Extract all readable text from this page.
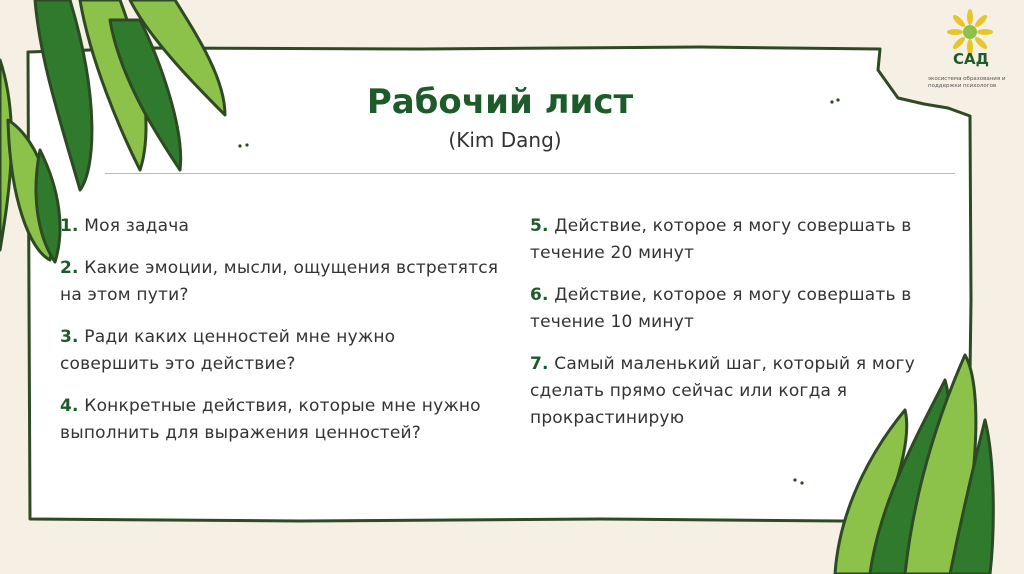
САД
экосистема образования и поддержки психологов
Рабочий лист

(Kim Dang)

1. Моя задача

2. Какие эмоции, мысли, ощущения встретятся на этом пути?

3. Ради каких ценностей мне нужно совершить это действие?

4. Конкретные действия, которые мне нужно выполнить для выражения ценностей?

5. Действие, которое я могу совершать в течение 20 минут

6. Действие, которое я могу совершать в течение 10 минут

7. Самый маленький шаг, который я могу сделать прямо сейчас или когда я прокрастинирую
